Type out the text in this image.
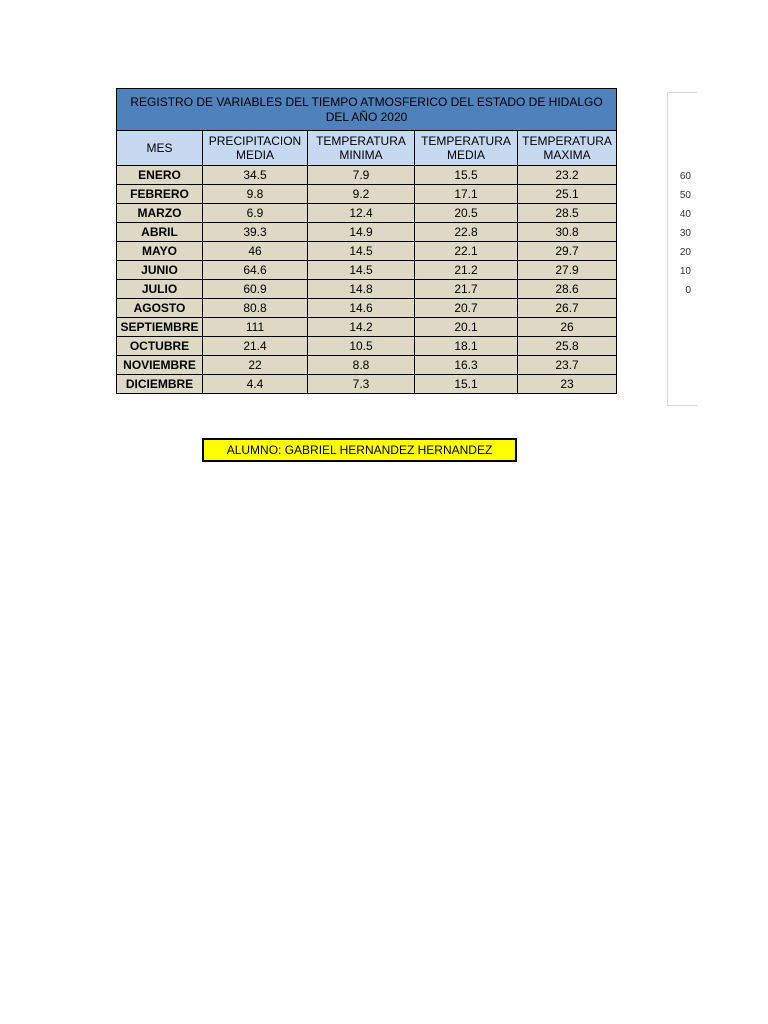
REGISTRO DE VARIABLES DEL TIEMPO ATMOSFERICO DEL ESTADO DE HIDALGO DEL AÑO 2020				
MES	PRECIPITACION MEDIA	TEMPERATURA MINIMA	TEMPERATURA MEDIA	TEMPERATURA MAXIMA
ENERO	34.5	7.9	15.5	23.2
FEBRERO	9.8	9.2	17.1	25.1
MARZO	6.9	12.4	20.5	28.5
ABRIL	39.3	14.9	22.8	30.8
MAYO	46	14.5	22.1	29.7
JUNIO	64.6	14.5	21.2	27.9
JULIO	60.9	14.8	21.7	28.6
AGOSTO	80.8	14.6	20.7	26.7
SEPTIEMBRE	111	14.2	20.1	26
OCTUBRE	21.4	10.5	18.1	25.8
NOVIEMBRE	22	8.8	16.3	23.7
DICIEMBRE	4.4	7.3	15.1	23
ALUMNO: GABRIEL HERNANDEZ HERNANDEZ
60
50
40
30
20
10
0
